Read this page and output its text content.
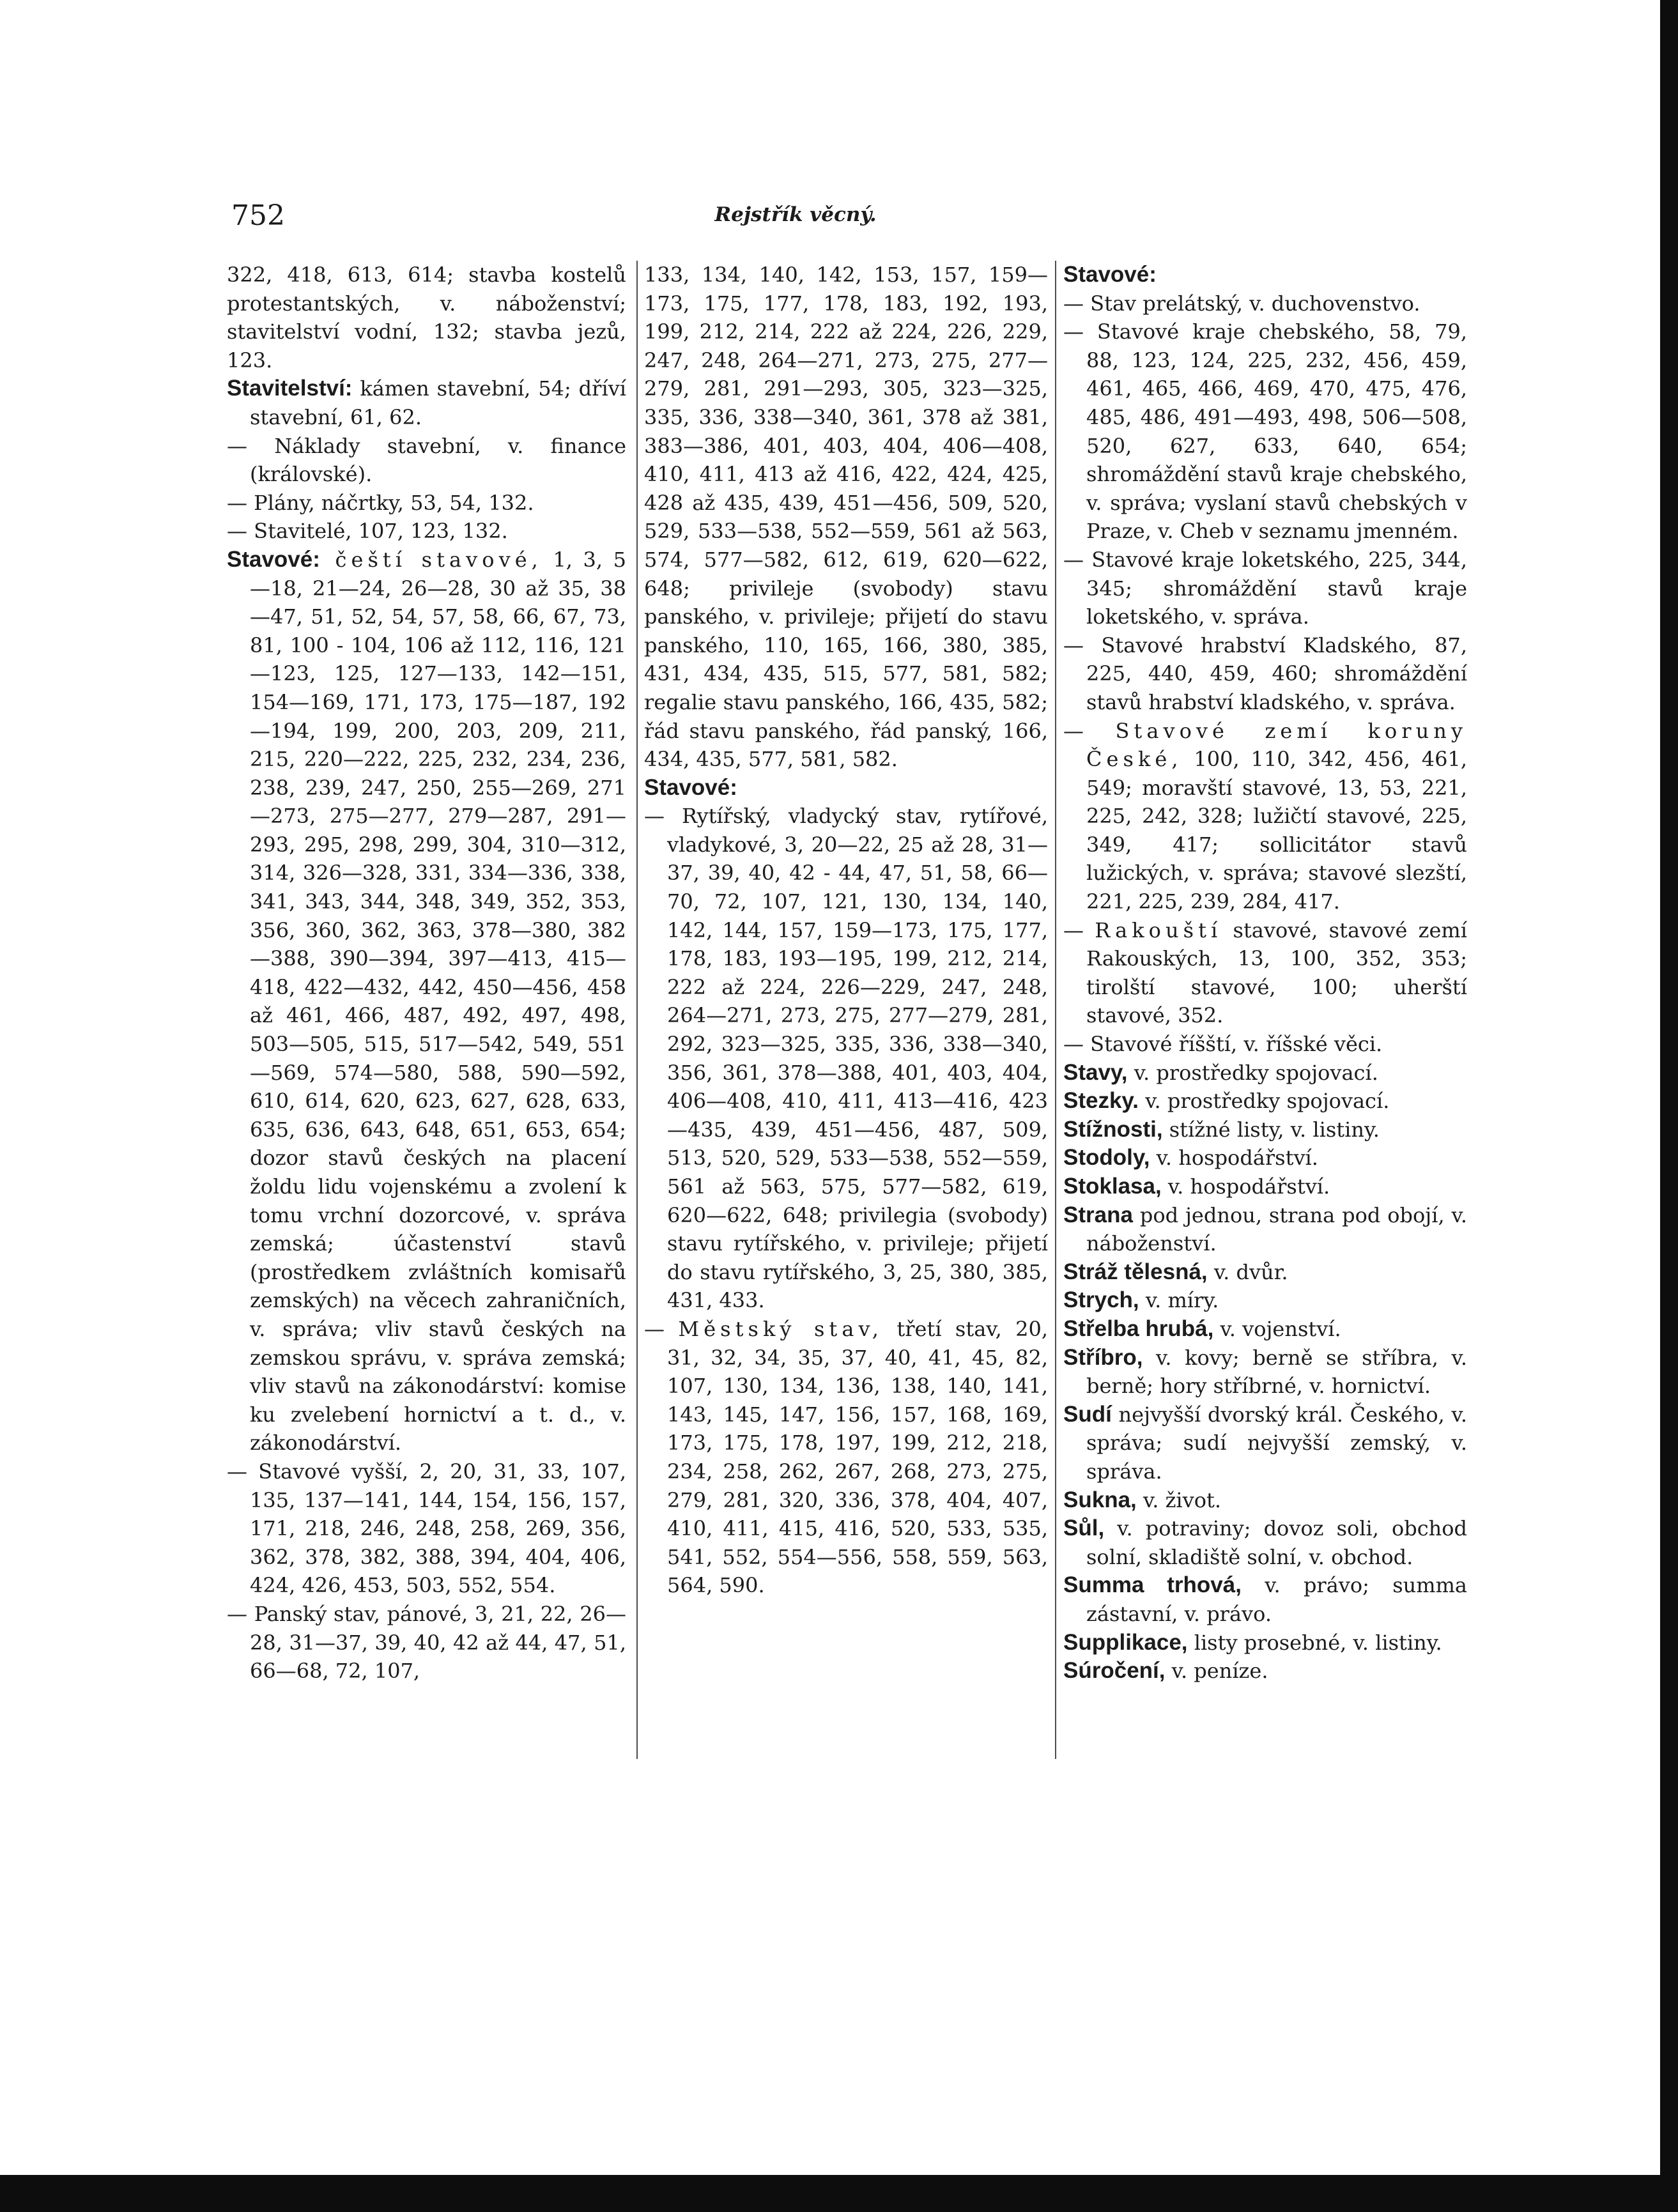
752	Rejstřík věcný.
322, 418, 613, 614; stavba kostelů protestantských, v. náboženství; stavitelství vodní, 132; stavba jezů, 123.
Stavitelství: kámen stavební, 54; dříví stavební, 61, 62.
— Náklady stavební, v. finance (královské).
— Plány, náčrtky, 53, 54, 132.
— Stavitelé, 107, 123, 132.
Stavové: čeští stavové, 1, 3, 5—18, 21—24, 26—28, 30 až 35, 38—47, 51, 52, 54, 57, 58, 66, 67, 73, 81, 100 - 104, 106 až 112, 116, 121—123, 125, 127—133, 142—151, 154—169, 171, 173, 175—187, 192—194, 199, 200, 203, 209, 211, 215, 220—222, 225, 232, 234, 236, 238, 239, 247, 250, 255—269, 271—273, 275—277, 279—287, 291—293, 295, 298, 299, 304, 310—312, 314, 326—328, 331, 334—336, 338, 341, 343, 344, 348, 349, 352, 353, 356, 360, 362, 363, 378—380, 382—388, 390—394, 397—413, 415—418, 422—432, 442, 450—456, 458 až 461, 466, 487, 492, 497, 498, 503—505, 515, 517—542, 549, 551—569, 574—580, 588, 590—592, 610, 614, 620, 623, 627, 628, 633, 635, 636, 643, 648, 651, 653, 654; dozor stavů českých na placení žoldu lidu vojenskému a zvolení k tomu vrchní dozorcové, v. správa zemská; účastenství stavů (prostředkem zvláštních komisařů zemských) na věcech zahraničních, v. správa; vliv stavů českých na zemskou správu, v. správa zemská; vliv stavů na zákonodárství: komise ku zvelebení hornictví a t. d., v. zákonodárství.
— Stavové vyšší, 2, 20, 31, 33, 107, 135, 137—141, 144, 154, 156, 157, 171, 218, 246, 248, 258, 269, 356, 362, 378, 382, 388, 394, 404, 406, 424, 426, 453, 503, 552, 554.
— Panský stav, pánové, 3, 21, 22, 26—28, 31—37, 39, 40, 42 až 44, 47, 51, 66—68, 72, 107,
133, 134, 140, 142, 153, 157, 159—173, 175, 177, 178, 183, 192, 193, 199, 212, 214, 222 až 224, 226, 229, 247, 248, 264—271, 273, 275, 277—279, 281, 291—293, 305, 323—325, 335, 336, 338—340, 361, 378 až 381, 383—386, 401, 403, 404, 406—408, 410, 411, 413 až 416, 422, 424, 425, 428 až 435, 439, 451—456, 509, 520, 529, 533—538, 552—559, 561 až 563, 574, 577—582, 612, 619, 620—622, 648; privileje (svobody) stavu panského, v. privileje; přijetí do stavu panského, 110, 165, 166, 380, 385, 431, 434, 435, 515, 577, 581, 582; regalie stavu panského, 166, 435, 582; řád stavu panského, řád panský, 166, 434, 435, 577, 581, 582.
Stavové:
— Rytířský, vladycký stav, rytířové, vladykové, 3, 20—22, 25 až 28, 31—37, 39, 40, 42 - 44, 47, 51, 58, 66—70, 72, 107, 121, 130, 134, 140, 142, 144, 157, 159—173, 175, 177, 178, 183, 193—195, 199, 212, 214, 222 až 224, 226—229, 247, 248, 264—271, 273, 275, 277—279, 281, 292, 323—325, 335, 336, 338—340, 356, 361, 378—388, 401, 403, 404, 406—408, 410, 411, 413—416, 423—435, 439, 451—456, 487, 509, 513, 520, 529, 533—538, 552—559, 561 až 563, 575, 577—582, 619, 620—622, 648; privilegia (svobody) stavu rytířského, v. privileje; přijetí do stavu rytířského, 3, 25, 380, 385, 431, 433.
— Městský stav, třetí stav, 20, 31, 32, 34, 35, 37, 40, 41, 45, 82, 107, 130, 134, 136, 138, 140, 141, 143, 145, 147, 156, 157, 168, 169, 173, 175, 178, 197, 199, 212, 218, 234, 258, 262, 267, 268, 273, 275, 279, 281, 320, 336, 378, 404, 407, 410, 411, 415, 416, 520, 533, 535, 541, 552, 554—556, 558, 559, 563, 564, 590.
Stavové:
— Stav prelátský, v. duchovenstvo.
— Stavové kraje chebského, 58, 79, 88, 123, 124, 225, 232, 456, 459, 461, 465, 466, 469, 470, 475, 476, 485, 486, 491—493, 498, 506—508, 520, 627, 633, 640, 654; shromáždění stavů kraje chebského, v. správa; vyslaní stavů chebských v Praze, v. Cheb v seznamu jmenném.
— Stavové kraje loketského, 225, 344, 345; shromáždění stavů kraje loketského, v. správa.
— Stavové hrabství Kladského, 87, 225, 440, 459, 460; shromáždění stavů hrabství kladského, v. správa.
— Stavové zemí koruny České, 100, 110, 342, 456, 461, 549; moravští stavové, 13, 53, 221, 225, 242, 328; lužičtí stavové, 225, 349, 417; sollicitátor stavů lužických, v. správa; stavové slezští, 221, 225, 239, 284, 417.
— Rakouští stavové, stavové zemí Rakouských, 13, 100, 352, 353; tirolští stavové, 100; uherští stavové, 352.
— Stavové říšští, v. říšské věci.
Stavy, v. prostředky spojovací.
Stezky. v. prostředky spojovací.
Stížnosti, stížné listy, v. listiny.
Stodoly, v. hospodářství.
Stoklasa, v. hospodářství.
Strana pod jednou, strana pod obojí, v. náboženství.
Stráž tělesná, v. dvůr.
Strych, v. míry.
Střelba hrubá, v. vojenství.
Stříbro, v. kovy; berně se stříbra, v. berně; hory stříbrné, v. hornictví.
Sudí nejvyšší dvorský král. Českého, v. správa; sudí nejvyšší zemský, v. správa.
Sukna, v. život.
Sůl, v. potraviny; dovoz soli, obchod solní, skladiště solní, v. obchod.
Summa trhová, v. právo; summa zástavní, v. právo.
Supplikace, listy prosebné, v. listiny.
Súročení, v. peníze.
